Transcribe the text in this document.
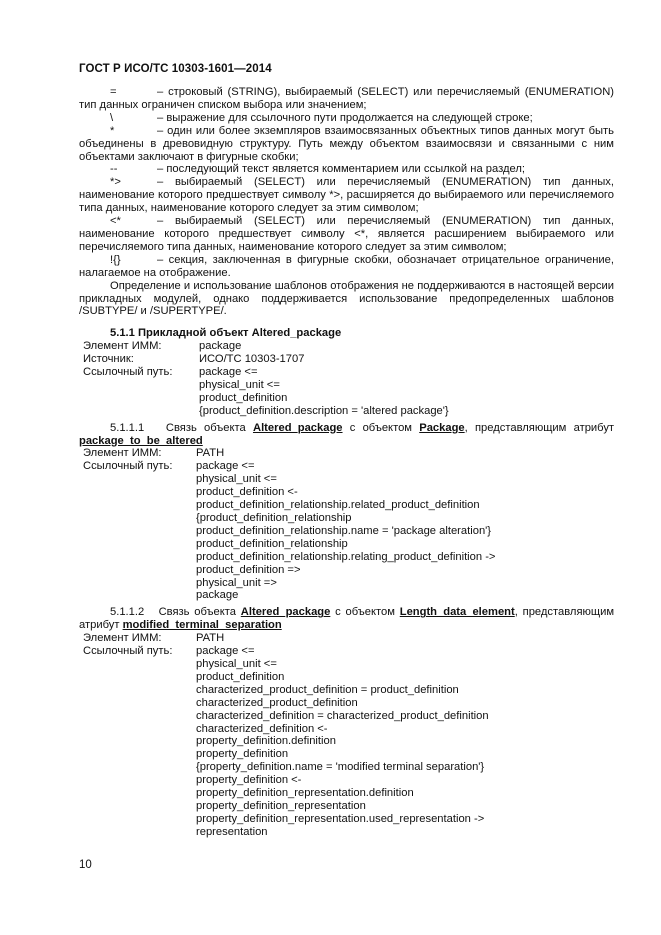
ГОСТ Р ИСО/ТС 10303-1601—2014
=	– строковый (STRING), выбираемый (SELECT) или перечисляемый (ENUMERATION) тип данных ограничен списком выбора или значением;
\	– выражение для ссылочного пути продолжается на следующей строке;
*	– один или более экземпляров взаимосвязанных объектных типов данных могут быть объединены в древовидную структуру. Путь между объектом взаимосвязи и связанными с ним объектами заключают в фигурные скобки;
--	– последующий текст является комментарием или ссылкой на раздел;
*>	– выбираемый (SELECT) или перечисляемый (ENUMERATION) тип данных, наименование которого предшествует символу *>, расширяется до выбираемого или перечисляемого типа данных, наименование которого следует за этим символом;
<*	– выбираемый (SELECT) или перечисляемый (ENUMERATION) тип данных, наименование которого предшествует символу <*, является расширением выбираемого или перечисляемого типа данных, наименование которого следует за этим символом;
!{}	– секция, заключенная в фигурные скобки, обозначает отрицательное ограничение, налагаемое на отображение.

Определение и использование шаблонов отображения не поддерживаются в настоящей версии прикладных модулей, однако поддерживается использование предопределенных шаблонов /SUBTYPE/ и /SUPERTYPE/.

5.1.1 Прикладной объект Altered_package
Элемент ИММ:	package
Источник:	ИСО/ТС 10303-1707
Ссылочный путь:	package <=
physical_unit <=
product_definition
{product_definition.description = 'altered package'}
5.1.1.1 Связь объекта Altered_package с объектом Package, представляющим атрибут package_to_be_altered
Элемент ИММ:	PATH
Ссылочный путь:	package <=
physical_unit <=
product_definition <-
product_definition_relationship.related_product_definition
{product_definition_relationship
product_definition_relationship.name = 'package alteration'}
product_definition_relationship
product_definition_relationship.relating_product_definition ->
product_definition =>
physical_unit =>
package
5.1.1.2 Связь объекта Altered_package с объектом Length_data_element, представляющим атрибут modified_terminal_separation
Элемент ИММ:	PATH
Ссылочный путь:	package <=
physical_unit <=
product_definition
characterized_product_definition = product_definition
characterized_product_definition
characterized_definition = characterized_product_definition
characterized_definition <-
property_definition.definition
property_definition
{property_definition.name = 'modified terminal separation'}
property_definition <-
property_definition_representation.definition
property_definition_representation
property_definition_representation.used_representation ->
representation
10
